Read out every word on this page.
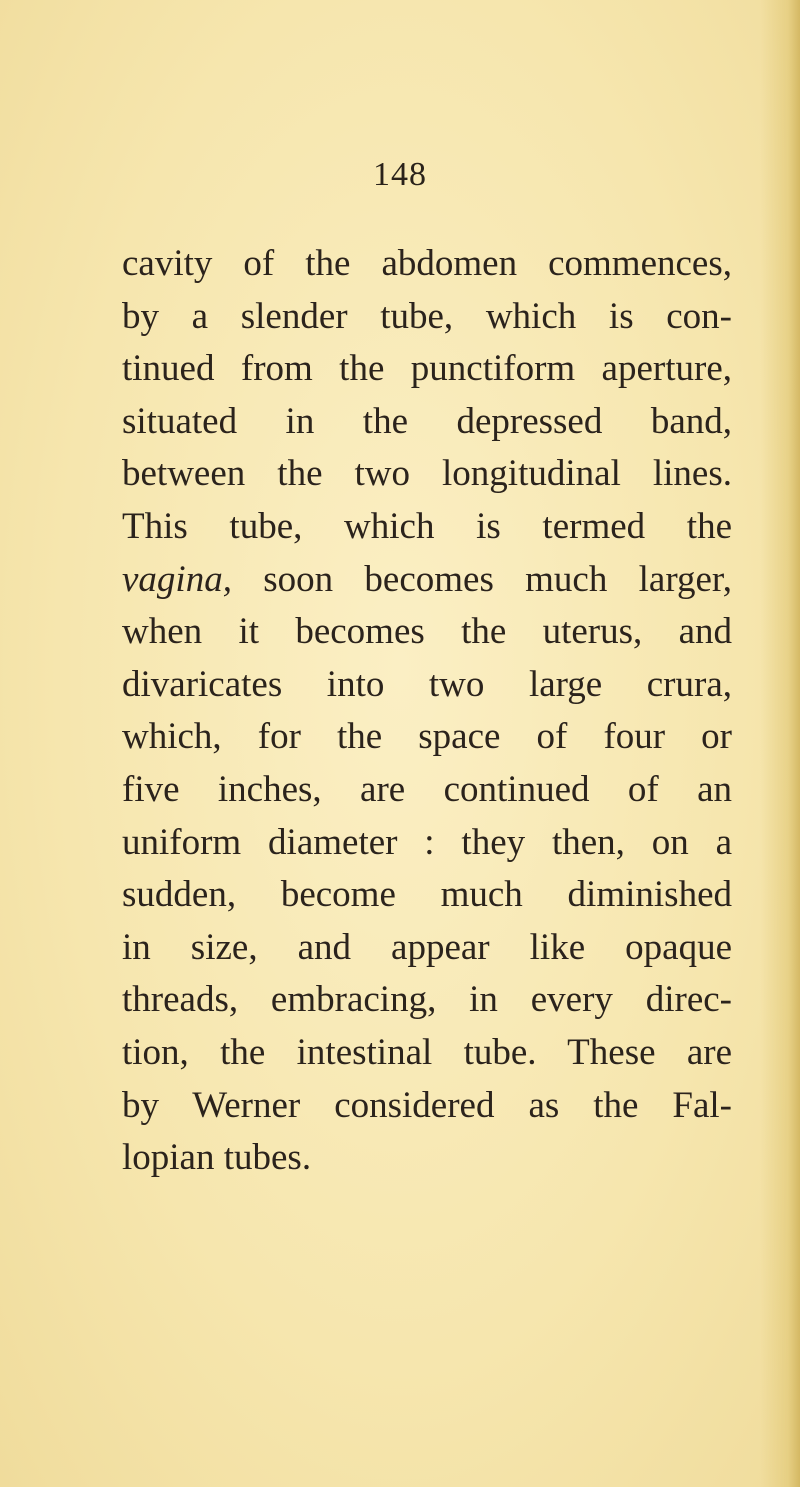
148
cavity of the abdomen commences,
by a slender tube, which is con-
tinued from the punctiform aperture,
situated in the depressed band,
between the two longitudinal lines.
This tube, which is termed the
vagina, soon becomes much larger,
when it becomes the uterus, and
divaricates into two large crura,
which, for the space of four or
five inches, are continued of an
uniform diameter : they then, on a
sudden, become much diminished
in size, and appear like opaque
threads, embracing, in every direc-
tion, the intestinal tube. These are
by Werner considered as the Fal-
lopian tubes.
